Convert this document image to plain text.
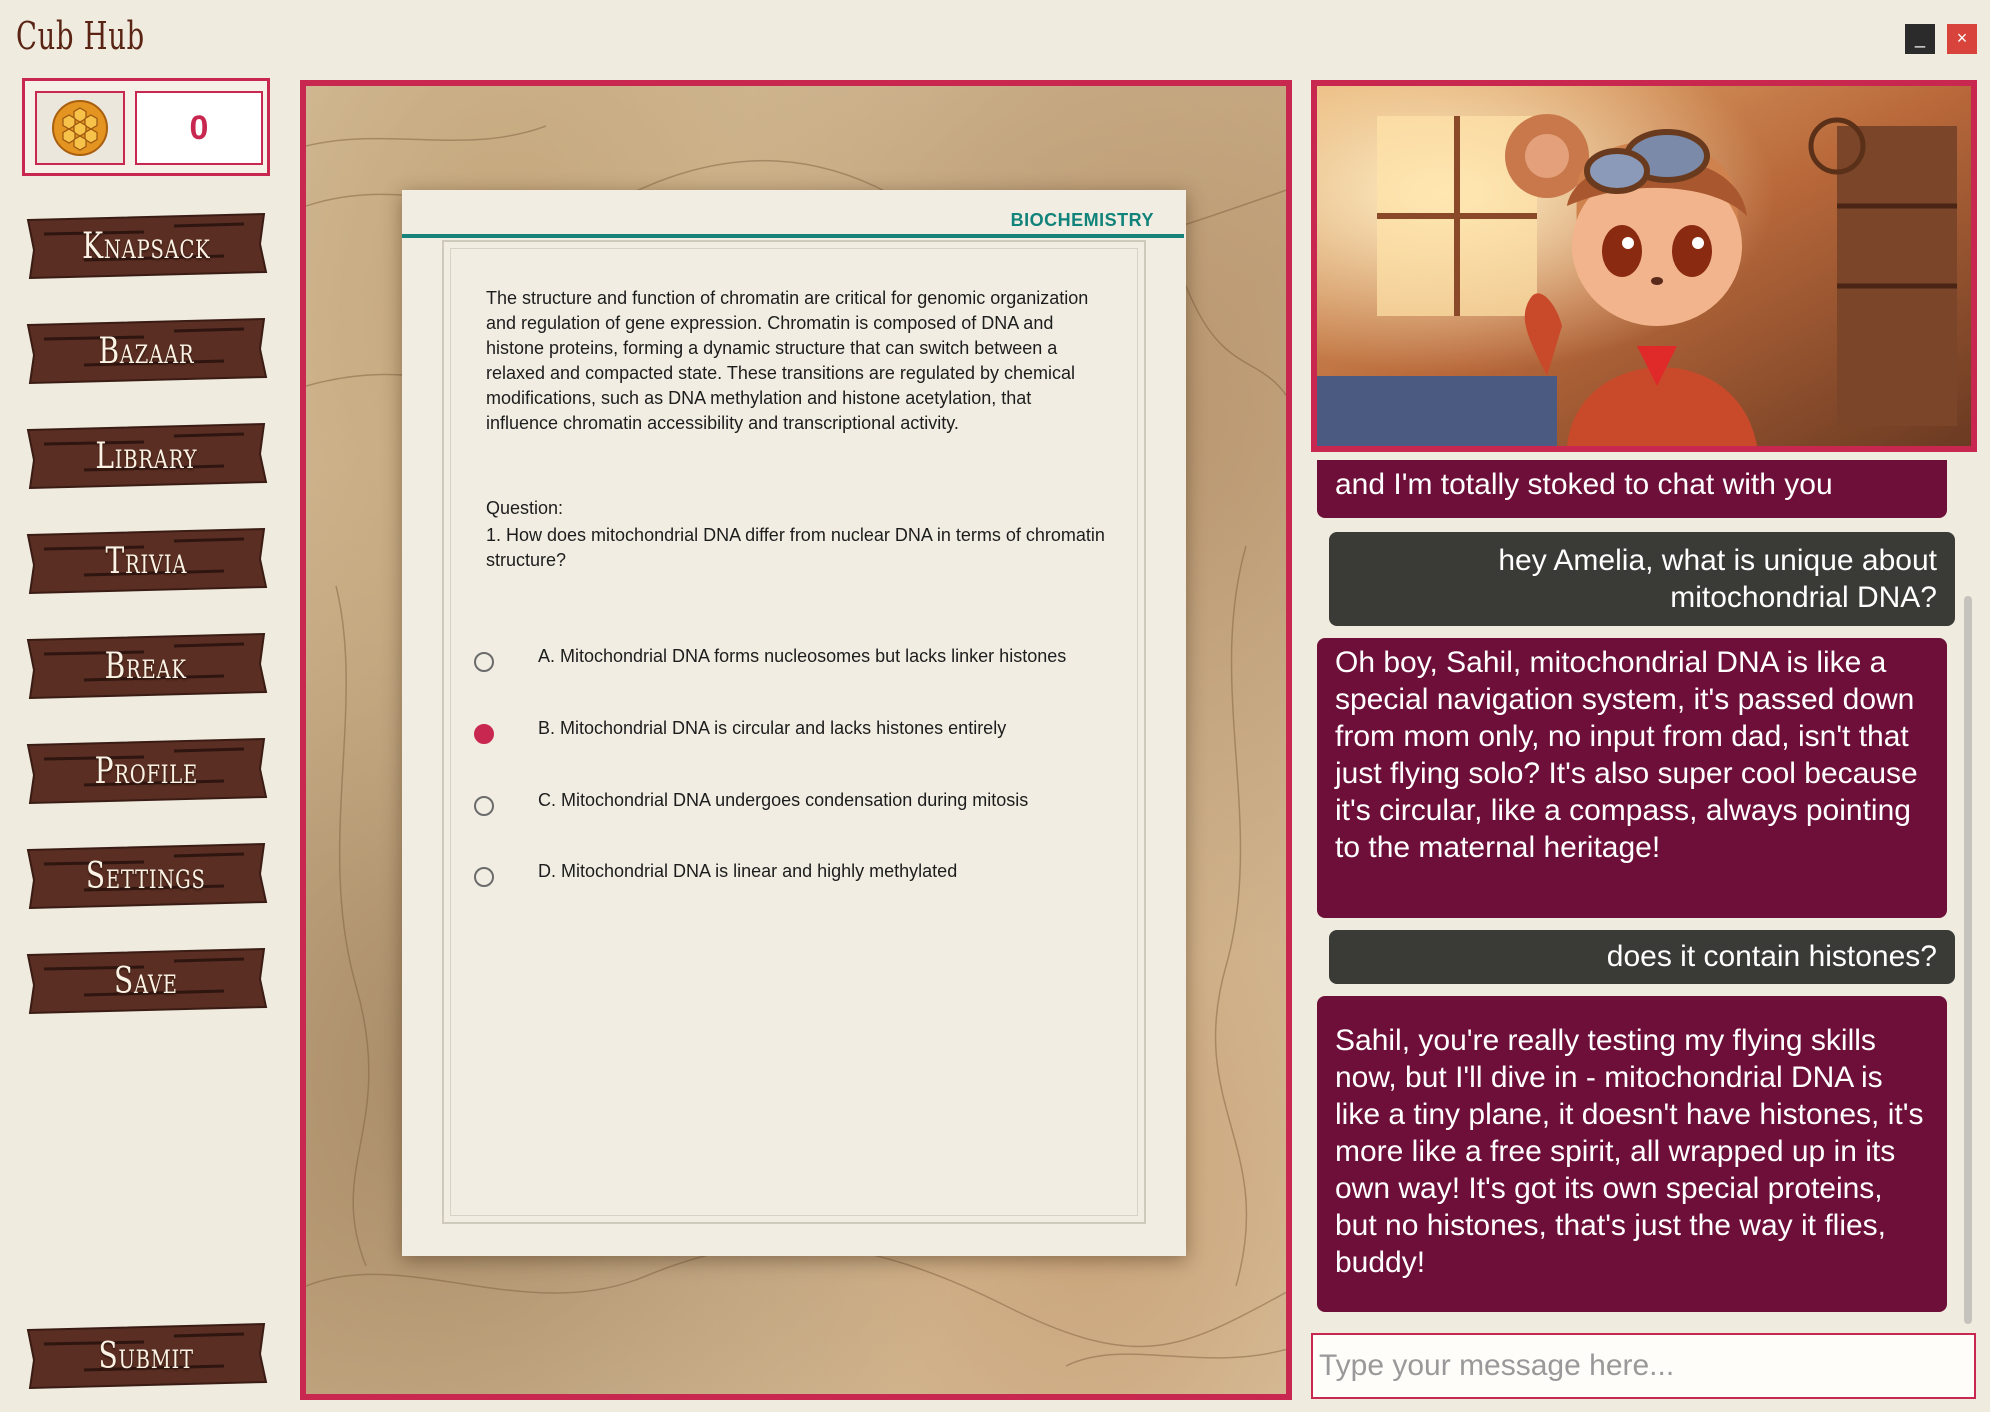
Cub Hub	_	×
0
Knapsack
Bazaar
Library
Trivia
Break
Profile
Settings
Save
Submit
BIOCHEMISTRY
The structure and function of chromatin are critical for genomic organization and regulation of gene expression. Chromatin is composed of DNA and histone proteins, forming a dynamic structure that can switch between a relaxed and compacted state. These transitions are regulated by chemical modifications, such as DNA methylation and histone acetylation, that influence chromatin accessibility and transcriptional activity.
Question:
1. How does mitochondrial DNA differ from nuclear DNA in terms of chromatin structure?
A. Mitochondrial DNA forms nucleosomes but lacks linker histones
B. Mitochondrial DNA is circular and lacks histones entirely
C. Mitochondrial DNA undergoes condensation during mitosis
D. Mitochondrial DNA is linear and highly methylated
and I'm totally stoked to chat with you
hey Amelia, what is unique about mitochondrial DNA?
Oh boy, Sahil, mitochondrial DNA is like a special navigation system, it's passed down from mom only, no input from dad, isn't that just flying solo? It's also super cool because it's circular, like a compass, always pointing to the maternal heritage!
does it contain histones?
Sahil, you're really testing my flying skills now, but I'll dive in - mitochondrial DNA is like a tiny plane, it doesn't have histones, it's more like a free spirit, all wrapped up in its own way! It's got its own special proteins, but no histones, that's just the way it flies, buddy!
Type your message here...
